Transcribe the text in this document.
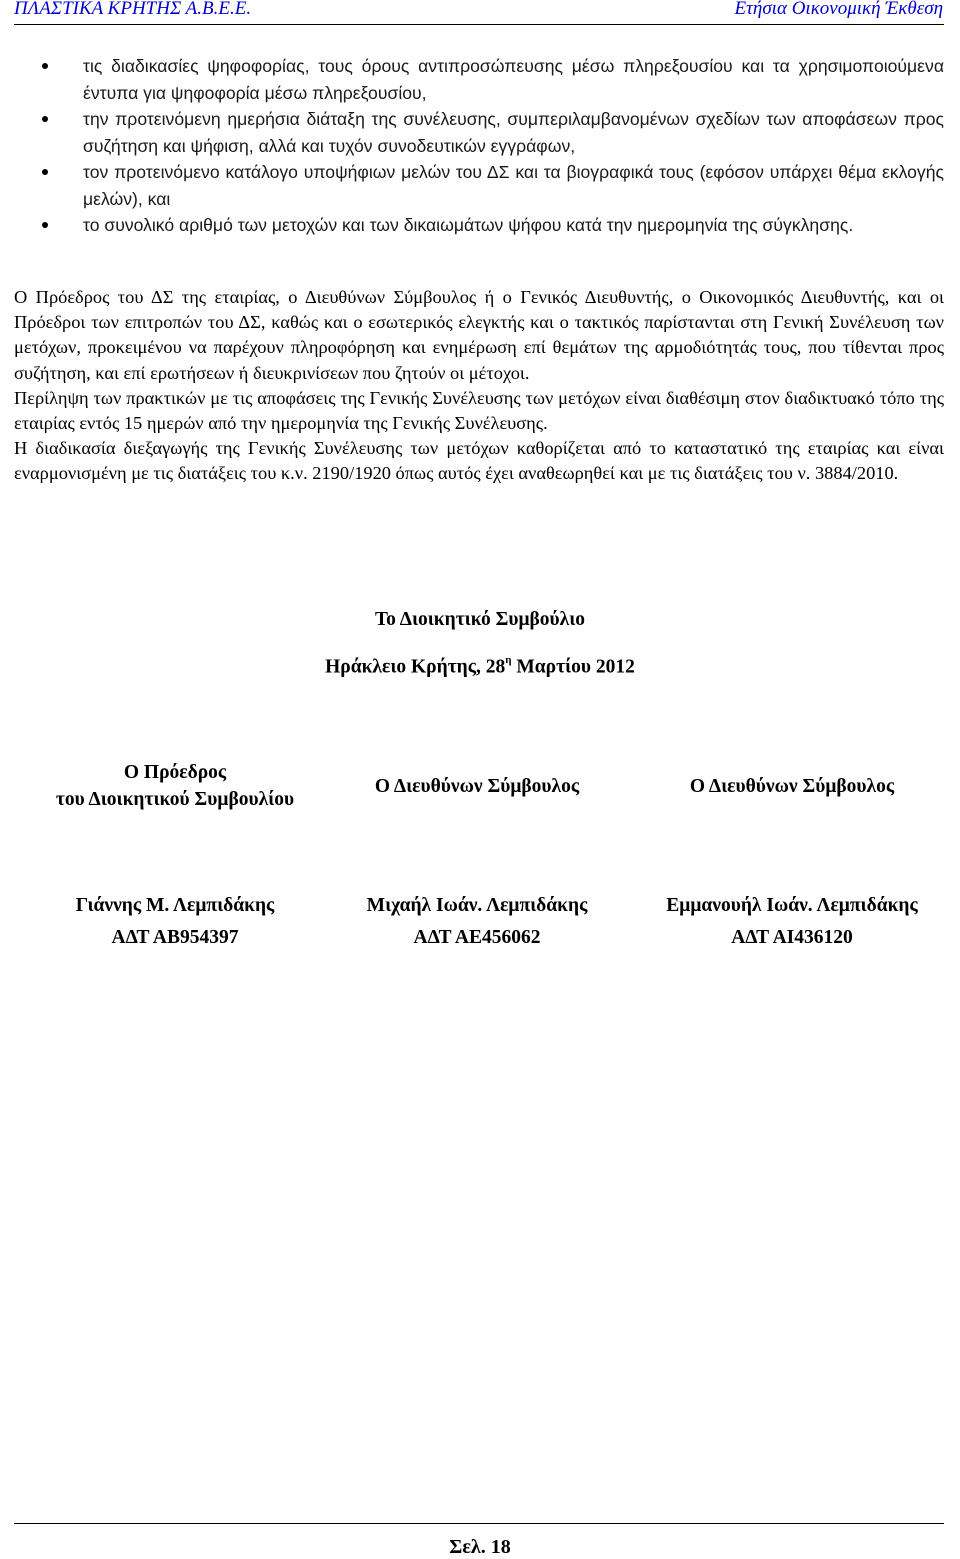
ΠΛΑΣΤΙΚΑ ΚΡΗΤΗΣ Α.Β.Ε.Ε.	Ετήσια Οικονομική Έκθεση
τις διαδικασίες ψηφοφορίας, τους όρους αντιπροσώπευσης μέσω πληρεξουσίου και τα χρησιμοποιούμενα έντυπα για ψηφοφορία μέσω πληρεξουσίου,
την προτεινόμενη ημερήσια διάταξη της συνέλευσης, συμπεριλαμβανομένων σχεδίων των αποφάσεων προς συζήτηση και ψήφιση, αλλά και τυχόν συνοδευτικών εγγράφων,
τον προτεινόμενο κατάλογο υποψήφιων μελών του ΔΣ και τα βιογραφικά τους (εφόσον υπάρχει θέμα εκλογής μελών), και
το συνολικό αριθμό των μετοχών και των δικαιωμάτων ψήφου κατά την ημερομηνία της σύγκλησης.

Ο Πρόεδρος του ΔΣ της εταιρίας, ο Διευθύνων Σύμβουλος ή ο Γενικός Διευθυντής, ο Οικονομικός Διευθυντής, και οι Πρόεδροι των επιτροπών του ΔΣ, καθώς και ο εσωτερικός ελεγκτής και ο τακτικός παρίστανται στη Γενική Συνέλευση των μετόχων, προκειμένου να παρέχουν πληροφόρηση και ενημέρωση επί θεμάτων της αρμοδιότητάς τους, που τίθενται προς συζήτηση, και επί ερωτήσεων ή διευκρινίσεων που ζητούν οι μέτοχοι.

Περίληψη των πρακτικών με τις αποφάσεις της Γενικής Συνέλευσης των μετόχων είναι διαθέσιμη στον διαδικτυακό τόπο της εταιρίας εντός 15 ημερών από την ημερομηνία της Γενικής Συνέλευσης.

Η διαδικασία διεξαγωγής της Γενικής Συνέλευσης των μετόχων καθορίζεται από το καταστατικό της εταιρίας και είναι εναρμονισμένη με τις διατάξεις του κ.ν. 2190/1920 όπως αυτός έχει αναθεωρηθεί και με τις διατάξεις του ν. 3884/2010.

Το Διοικητικό Συμβούλιο
Ηράκλειο Κρήτης, $28^\eta$ Μαρτίου 2012
Ο Πρόεδρος
του Διοικητικού Συμβουλίου
Γιάννης Μ. Λεμπιδάκης
ΑΔΤ ΑΒ954397
Ο Διευθύνων Σύμβουλος
Μιχαήλ Ιωάν. Λεμπιδάκης
ΑΔΤ ΑΕ456062
Ο Διευθύνων Σύμβουλος
Εμμανουήλ Ιωάν. Λεμπιδάκης
ΑΔΤ ΑΙ436120
Σελ. 18
